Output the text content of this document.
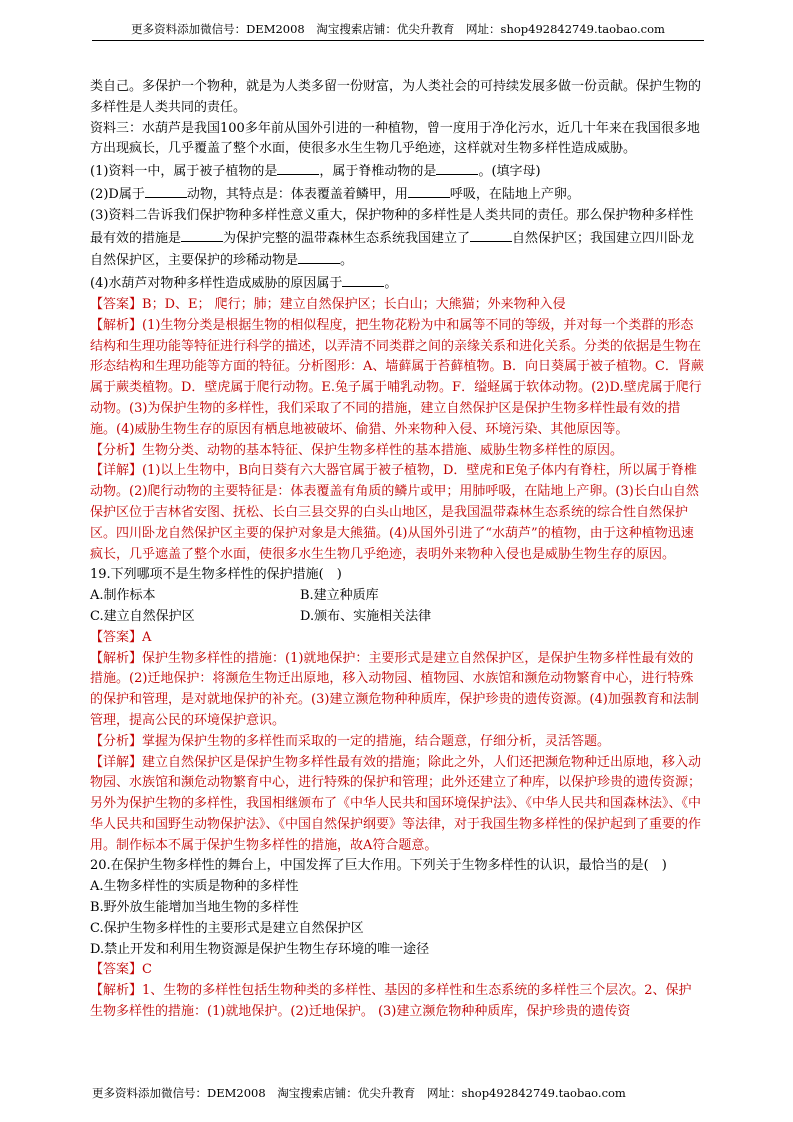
更多资料添加微信号：DEM2008 淘宝搜索店铺：优尖升教育 网址：shop492842749.taobao.com

类自己。多保护一个物种，就是为人类多留一份财富，为人类社会的可持续发展多做一份贡献。保护生物的多样性是人类共同的责任。

资料三：水葫芦是我国100多年前从国外引进的一种植物，曾一度用于净化污水，近几十年来在我国很多地方出现疯长，几乎覆盖了整个水面，使很多水生生物几乎绝迹，这样就对生物多样性造成威胁。

(1)资料一中，属于被子植物的是	，属于脊椎动物的是	。(填字母)

(2)D属于	动物，其特点是：体表覆盖着鳞甲，用	呼吸，在陆地上产卵。

(3)资料二告诉我们保护物种多样性意义重大，保护物种的多样性是人类共同的责任。那么保护物种多样性最有效的措施是	为保护完整的温带森林生态系统我国建立了	自然保护区；我国建立四川卧龙自然保护区，主要保护的珍稀动物是	。

(4)水葫芦对物种多样性造成威胁的原因属于	。

【答案】B；D、E； 爬行；肺；建立自然保护区；长白山；大熊猫；外来物种入侵

【解析】(1)生物分类是根据生物的相似程度，把生物花粉为中和属等不同的等级，并对每一个类群的形态结构和生理功能等特征进行科学的描述，以弄清不同类群之间的亲缘关系和进化关系。分类的依据是生物在形态结构和生理功能等方面的特征。分析图形：A、墙藓属于苔藓植物。B．向日葵属于被子植物。C．肾蕨属于蕨类植物。D．壁虎属于爬行动物。E.兔子属于哺乳动物。F．缢蛏属于软体动物。(2)D.壁虎属于爬行动物。(3)为保护生物的多样性，我们采取了不同的措施，建立自然保护区是保护生物多样性最有效的措施。(4)威胁生物生存的原因有栖息地被破坏、偷猎、外来物种入侵、环境污染、其他原因等。

【分析】生物分类、动物的基本特征、保护生物多样性的基本措施、威胁生物多样性的原因。

【详解】(1)以上生物中，B向日葵有六大器官属于被子植物，D．壁虎和E兔子体内有脊柱，所以属于脊椎动物。(2)爬行动物的主要特征是：体表覆盖有角质的鳞片或甲；用肺呼吸，在陆地上产卵。(3)长白山自然保护区位于吉林省安图、抚松、长白三县交界的白头山地区，是我国温带森林生态系统的综合性自然保护区。四川卧龙自然保护区主要的保护对象是大熊猫。(4)从国外引进了“水葫芦”的植物，由于这种植物迅速疯长，几乎遮盖了整个水面，使很多水生生物几乎绝迹，表明外来物种入侵也是威胁生物生存的原因。

19.下列哪项不是生物多样性的保护措施(　)

A.制作标本	B.建立种质库

C.建立自然保护区	D.颁布、实施相关法律

【答案】A

【解析】保护生物多样性的措施：(1)就地保护：主要形式是建立自然保护区，是保护生物多样性最有效的措施。(2)迁地保护：将濒危生物迁出原地，移入动物园、植物园、水族馆和濒危动物繁育中心，进行特殊的保护和管理，是对就地保护的补充。(3)建立濒危物种种质库，保护珍贵的遗传资源。(4)加强教育和法制管理，提高公民的环境保护意识。

【分析】掌握为保护生物的多样性而采取的一定的措施，结合题意，仔细分析，灵活答题。

【详解】建立自然保护区是保护生物多样性最有效的措施；除此之外，人们还把濒危物种迁出原地，移入动物园、水族馆和濒危动物繁育中心，进行特殊的保护和管理；此外还建立了种库，以保护珍贵的遗传资源；另外为保护生物的多样性，我国相继颁布了《中华人民共和国环境保护法》、《中华人民共和国森林法》、《中华人民共和国野生动物保护法》、《中国自然保护纲要》等法律，对于我国生物多样性的保护起到了重要的作用。制作标本不属于保护生物多样性的措施，故A符合题意。

20.在保护生物多样性的舞台上，中国发挥了巨大作用。下列关于生物多样性的认识，最恰当的是(　)

A.生物多样性的实质是物种的多样性

B.野外放生能增加当地生物的多样性

C.保护生物多样性的主要形式是建立自然保护区

D.禁止开发和利用生物资源是保护生物生存环境的唯一途径

【答案】C

【解析】1、生物的多样性包括生物种类的多样性、基因的多样性和生态系统的多样性三个层次。2、保护生物多样性的措施：(1)就地保护。(2)迁地保护。 (3)建立濒危物种种质库，保护珍贵的遗传资

更多资料添加微信号：DEM2008 淘宝搜索店铺：优尖升教育 网址：shop492842749.taobao.com
